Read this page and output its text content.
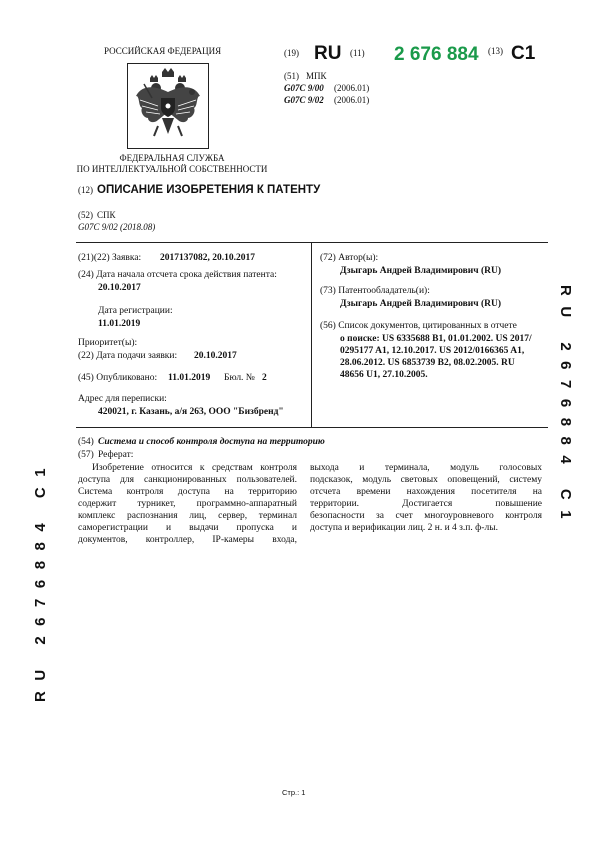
РОССИЙСКАЯ ФЕДЕРАЦИЯ
ФЕДЕРАЛЬНАЯ СЛУЖБА
ПО ИНТЕЛЛЕКТУАЛЬНОЙ СОБСТВЕННОСТИ
(19) RU (11) 2 676 884 (13) C1
(51) МПК
G07C 9/00 (2006.01)
G07C 9/02 (2006.01)
(12) ОПИСАНИЕ ИЗОБРЕТЕНИЯ К ПАТЕНТУ
(52) СПК
G07C 9/02 (2018.08)
(21)(22) Заявка: 2017137082, 20.10.2017
(24) Дата начала отсчета срока действия патента:
20.10.2017
Дата регистрации:
11.01.2019
Приоритет(ы):
(22) Дата подачи заявки: 20.10.2017
(45) Опубликовано: 11.01.2019 Бюл. № 2
Адрес для переписки:
420021, г. Казань, а/я 263, ООО "Бизбренд"
(72) Автор(ы):
Дзыгарь Андрей Владимирович (RU)
(73) Патентообладатель(и):
Дзыгарь Андрей Владимирович (RU)
(56) Список документов, цитированных в отчете
о поиске: US 6335688 B1, 01.01.2002. US 2017/
0295177 A1, 12.10.2017. US 2012/0166365 A1,
28.06.2012. US 6853739 B2, 08.02.2005. RU
48656 U1, 27.10.2005.
(54) Система и способ контроля доступа на территорию
(57) Реферат:
Изобретение относится к средствам контроля
доступа для санкционированных пользователей.
Система контроля доступа на территорию
содержит турникет, программно-аппаратный
комплекс распознания лиц, сервер, терминал
саморегистрации и выдачи пропуска и
документов, контроллер, IP-камеры входа,
выхода и терминала, модуль голосовых
подсказок, модуль световых оповещений, систему
отсчета времени нахождения посетителя на
территории. Достигается повышение
безопасности за счет многоуровневого контроля
доступа и верификации лиц. 2 н. и 4 з.п. ф-лы.	RU 2676884 C1
RU 2676884 C1
Стр.: 1
